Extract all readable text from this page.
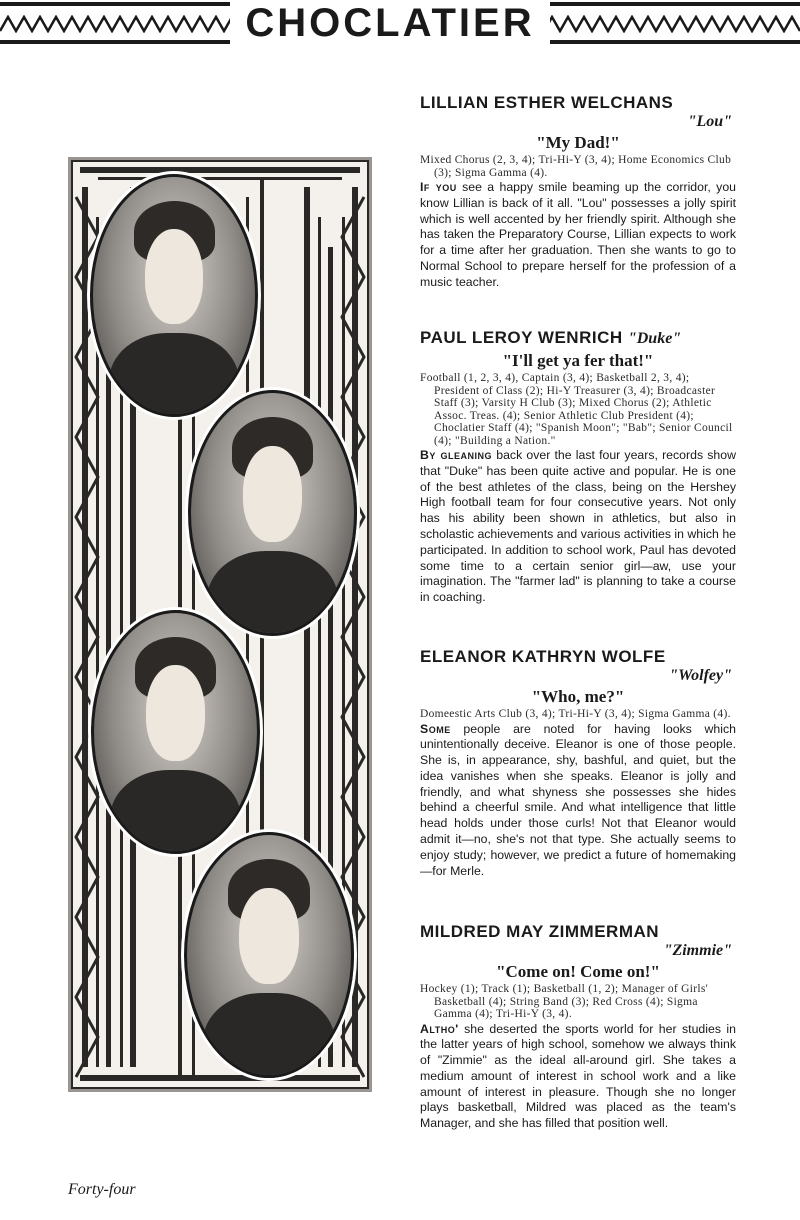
CHOCLATIER
LILLIAN ESTHER WELCHANS
"Lou"
"My Dad!"
Mixed Chorus (2, 3, 4); Tri-Hi-Y (3, 4); Home Economics Club (3); Sigma Gamma (4).
If you see a happy smile beaming up the corridor, you know Lillian is back of it all. "Lou" possesses a jolly spirit which is well accented by her friendly spirit. Although she has taken the Preparatory Course, Lillian expects to work for a time after her graduation. Then she wants to go to Normal School to prepare herself for the profession of a music teacher.
PAUL LEROY WENRICH "Duke"
"I'll get ya fer that!"
Football (1, 2, 3, 4), Captain (3, 4); Basketball 2, 3, 4); President of Class (2); Hi-Y Treasurer (3, 4); Broadcaster Staff (3); Varsity H Club (3); Mixed Chorus (2); Athletic Assoc. Treas. (4); Senior Athletic Club President (4); Choclatier Staff (4); "Spanish Moon"; "Bab"; Senior Council (4); "Building a Nation."
By gleaning back over the last four years, records show that "Duke" has been quite active and popular. He is one of the best athletes of the class, being on the Hershey High football team for four consecutive years. Not only has his ability been shown in athletics, but also in scholastic achievements and various activities in which he participated. In addition to school work, Paul has devoted some time to a certain senior girl—aw, use your imagination. The "farmer lad" is planning to take a course in coaching.
ELEANOR KATHRYN WOLFE
"Wolfey"
"Who, me?"
Domeestic Arts Club (3, 4); Tri-Hi-Y (3, 4); Sigma Gamma (4).
Some people are noted for having looks which unintentionally deceive. Eleanor is one of those people. She is, in appearance, shy, bashful, and quiet, but the idea vanishes when she speaks. Eleanor is jolly and friendly, and what shyness she possesses she hides behind a cheerful smile. And what intelligence that little head holds under those curls! Not that Eleanor would admit it—no, she's not that type. She actually seems to enjoy study; however, we predict a future of homemaking—for Merle.
MILDRED MAY ZIMMERMAN
"Zimmie"
"Come on! Come on!"
Hockey (1); Track (1); Basketball (1, 2); Manager of Girls' Basketball (4); String Band (3); Red Cross (4); Sigma Gamma (4); Tri-Hi-Y (3, 4).
Altho' she deserted the sports world for her studies in the latter years of high school, somehow we always think of "Zimmie" as the ideal all-around girl. She takes a medium amount of interest in school work and a like amount of interest in pleasure. Though she no longer plays basketball, Mildred was placed as the team's Manager, and she has filled that position well.
Forty-four
